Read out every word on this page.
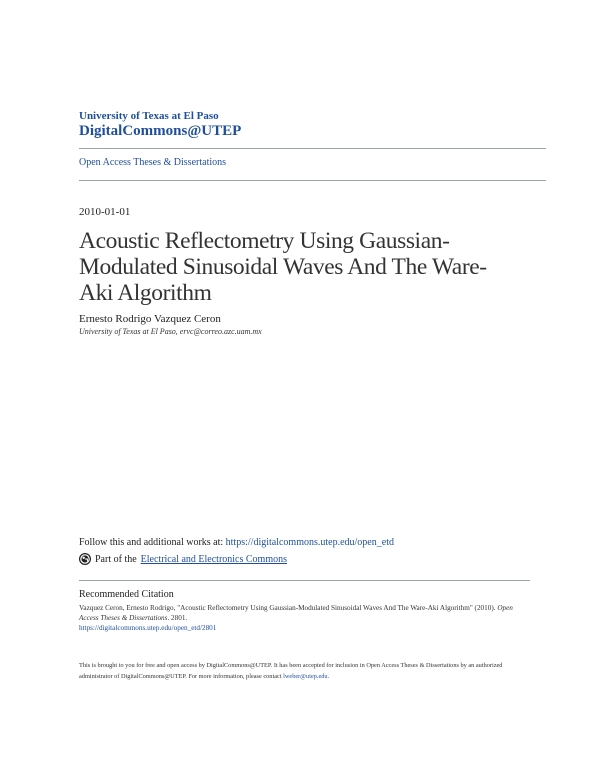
University of Texas at El Paso
DigitalCommons@UTEP
Open Access Theses & Dissertations
2010-01-01
Acoustic Reflectometry Using Gaussian-Modulated Sinusoidal Waves And The Ware-Aki Algorithm
Ernesto Rodrigo Vazquez Ceron
University of Texas at El Paso, ervc@correo.azc.uam.mx
Follow this and additional works at: https://digitalcommons.utep.edu/open_etd
Part of the Electrical and Electronics Commons
Recommended Citation
Vazquez Ceron, Ernesto Rodrigo, "Acoustic Reflectometry Using Gaussian-Modulated Sinusoidal Waves And The Ware-Aki Algorithm" (2010). Open Access Theses & Dissertations. 2801.
https://digitalcommons.utep.edu/open_etd/2801
This is brought to you for free and open access by DigitalCommons@UTEP. It has been accepted for inclusion in Open Access Theses & Dissertations by an authorized administrator of DigitalCommons@UTEP. For more information, please contact lweber@utep.edu.
